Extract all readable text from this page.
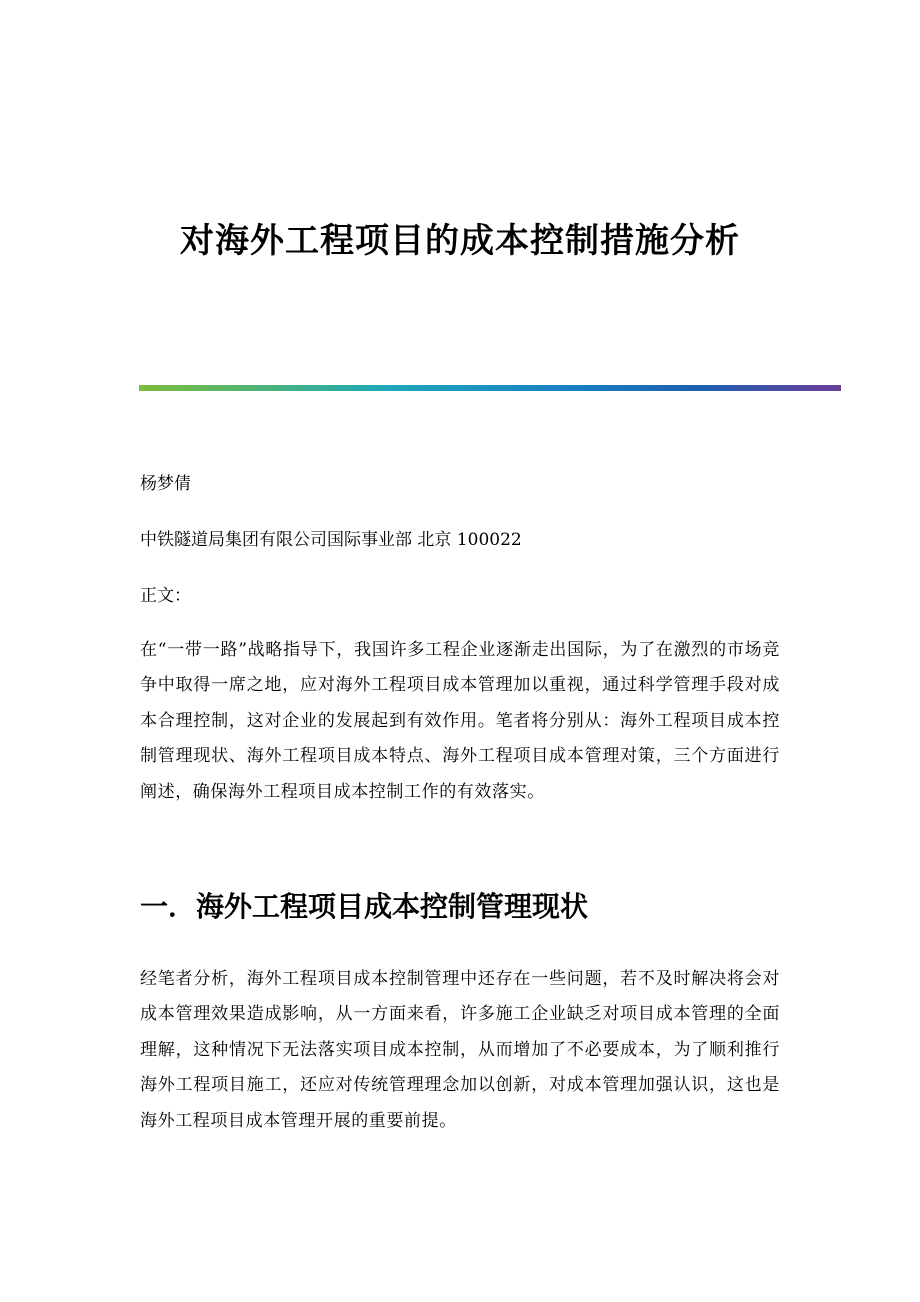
对海外工程项目的成本控制措施分析
杨梦倩
中铁隧道局集团有限公司国际事业部 北京 100022
正文：

在“一带一路”战略指导下，我国许多工程企业逐渐走出国际，为了在激烈的市场竞争中取得一席之地，应对海外工程项目成本管理加以重视，通过科学管理手段对成本合理控制，这对企业的发展起到有效作用。笔者将分别从：海外工程项目成本控制管理现状、海外工程项目成本特点、海外工程项目成本管理对策，三个方面进行阐述，确保海外工程项目成本控制工作的有效落实。

一．海外工程项目成本控制管理现状

经笔者分析，海外工程项目成本控制管理中还存在一些问题，若不及时解决将会对成本管理效果造成影响，从一方面来看，许多施工企业缺乏对项目成本管理的全面理解，这种情况下无法落实项目成本控制，从而增加了不必要成本，为了顺利推行海外工程项目施工，还应对传统管理理念加以创新，对成本管理加强认识，这也是海外工程项目成本管理开展的重要前提。
